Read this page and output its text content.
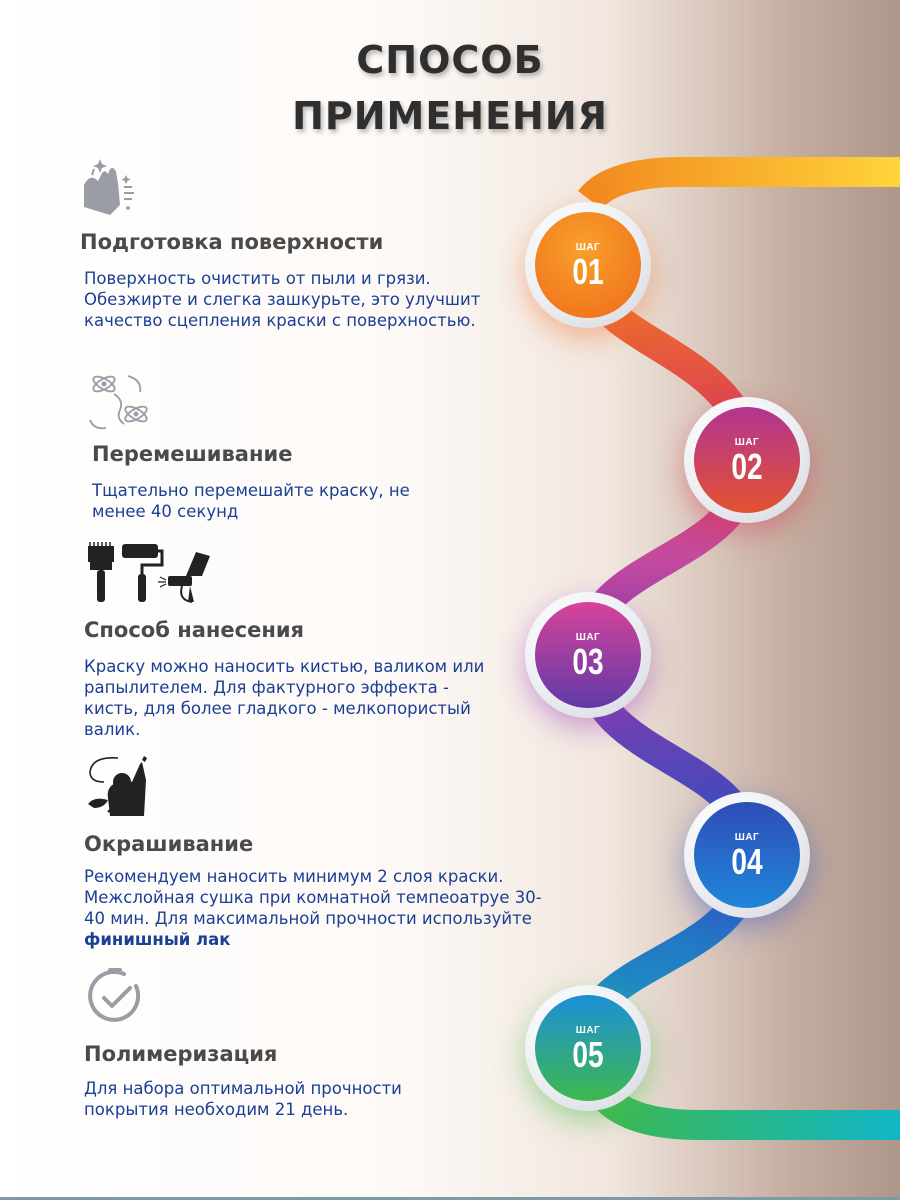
СПОСОБ
ПРИМЕНЕНИЯ
ШАГ
01
ШАГ
02
ШАГ
03
ШАГ
04
ШАГ
05

Подготовка поверхности

Поверхность очистить от пыли и грязи. Обезжирте и слегка зашкурьте, это улучшит качество сцепления краски с поверхностью.

Перемешивание

Тщательно перемешайте краску, не менее 40 секунд

Способ нанесения

Краску можно наносить кистью, валиком или рапылителем. Для фактурного эффекта - кисть, для более гладкого - мелкопористый валик.

Окрашивание

Рекомендуем наносить минимум 2 слоя краски. Межслойная сушка при комнатной темпеоатруе 30-40 мин. Для максимальной прочности используйте финишный лак

Полимеризация

Для набора оптимальной прочности покрытия необходим 21 день.
